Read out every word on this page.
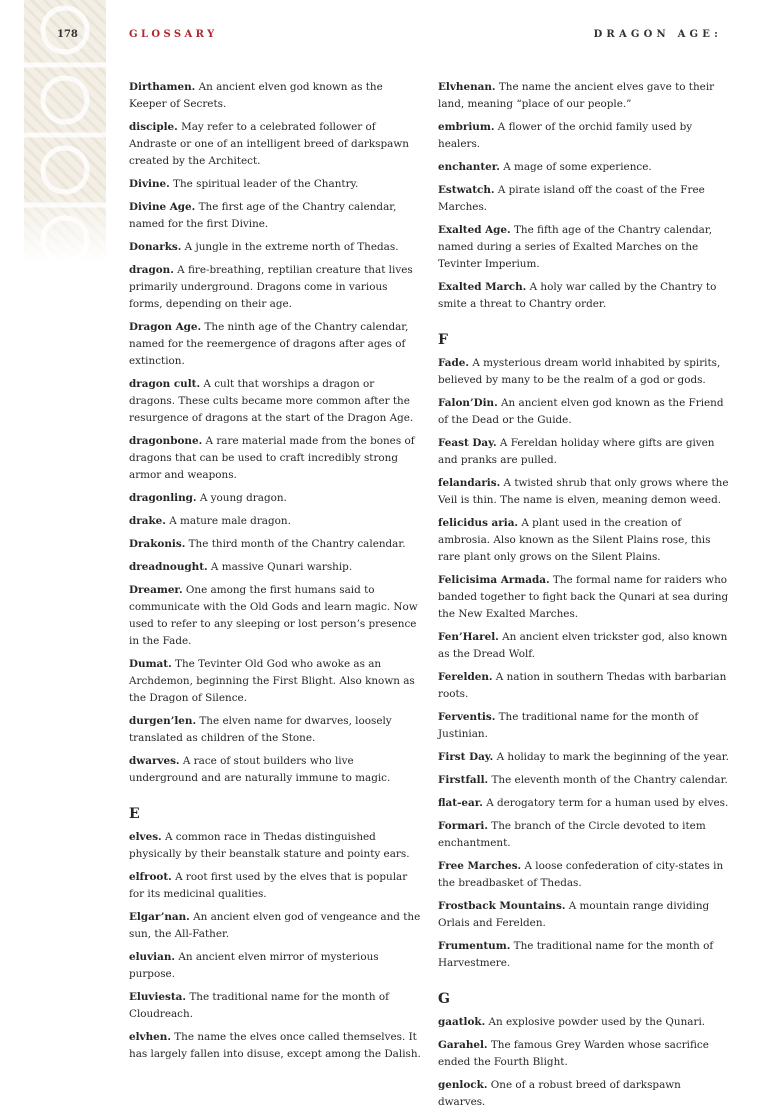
178	GLOSSARY	DRAGON AGE:
Dirthamen. An ancient elven god known as the Keeper of Secrets.
disciple. May refer to a celebrated follower of Andraste or one of an intelligent breed of darkspawn created by the Architect.
Divine. The spiritual leader of the Chantry.
Divine Age. The first age of the Chantry calendar, named for the first Divine.
Donarks. A jungle in the extreme north of Thedas.
dragon. A fire-breathing, reptilian creature that lives primarily underground. Dragons come in various forms, depending on their age.
Dragon Age. The ninth age of the Chantry calendar, named for the reemergence of dragons after ages of extinction.
dragon cult. A cult that worships a dragon or dragons. These cults became more common after the resurgence of dragons at the start of the Dragon Age.
dragonbone. A rare material made from the bones of dragons that can be used to craft incredibly strong armor and weapons.
dragonling. A young dragon.
drake. A mature male dragon.
Drakonis. The third month of the Chantry calendar.
dreadnought. A massive Qunari warship.
Dreamer. One among the first humans said to communicate with the Old Gods and learn magic. Now used to refer to any sleeping or lost person’s presence in the Fade.
Dumat. The Tevinter Old God who awoke as an Archdemon, beginning the First Blight. Also known as the Dragon of Silence.
durgen’len. The elven name for dwarves, loosely translated as children of the Stone.
dwarves. A race of stout builders who live underground and are naturally immune to magic.
E
elves. A common race in Thedas distinguished physically by their beanstalk stature and pointy ears.
elfroot. A root first used by the elves that is popular for its medicinal qualities.
Elgar’nan. An ancient elven god of vengeance and the sun, the All-Father.
eluvian. An ancient elven mirror of mysterious purpose.
Eluviesta. The traditional name for the month of Cloudreach.
elvhen. The name the elves once called themselves. It has largely fallen into disuse, except among the Dalish.
Elvhenan. The name the ancient elves gave to their land, meaning “place of our people.”
embrium. A flower of the orchid family used by healers.
enchanter. A mage of some experience.
Estwatch. A pirate island off the coast of the Free Marches.
Exalted Age. The fifth age of the Chantry calendar, named during a series of Exalted Marches on the Tevinter Imperium.
Exalted March. A holy war called by the Chantry to smite a threat to Chantry order.
F
Fade. A mysterious dream world inhabited by spirits, believed by many to be the realm of a god or gods.
Falon’Din. An ancient elven god known as the Friend of the Dead or the Guide.
Feast Day. A Fereldan holiday where gifts are given and pranks are pulled.
felandaris. A twisted shrub that only grows where the Veil is thin. The name is elven, meaning demon weed.
felicidus aria. A plant used in the creation of ambrosia. Also known as the Silent Plains rose, this rare plant only grows on the Silent Plains.
Felicisima Armada. The formal name for raiders who banded together to fight back the Qunari at sea during the New Exalted Marches.
Fen’Harel. An ancient elven trickster god, also known as the Dread Wolf.
Ferelden. A nation in southern Thedas with barbarian roots.
Ferventis. The traditional name for the month of Justinian.
First Day. A holiday to mark the beginning of the year.
Firstfall. The eleventh month of the Chantry calendar.
flat-ear. A derogatory term for a human used by elves.
Formari. The branch of the Circle devoted to item enchantment.
Free Marches. A loose confederation of city-states in the breadbasket of Thedas.
Frostback Mountains. A mountain range dividing Orlais and Ferelden.
Frumentum. The traditional name for the month of Harvestmere.
G
gaatlok. An explosive powder used by the Qunari.
Garahel. The famous Grey Warden whose sacrifice ended the Fourth Blight.
genlock. One of a robust breed of darkspawn dwarves.
